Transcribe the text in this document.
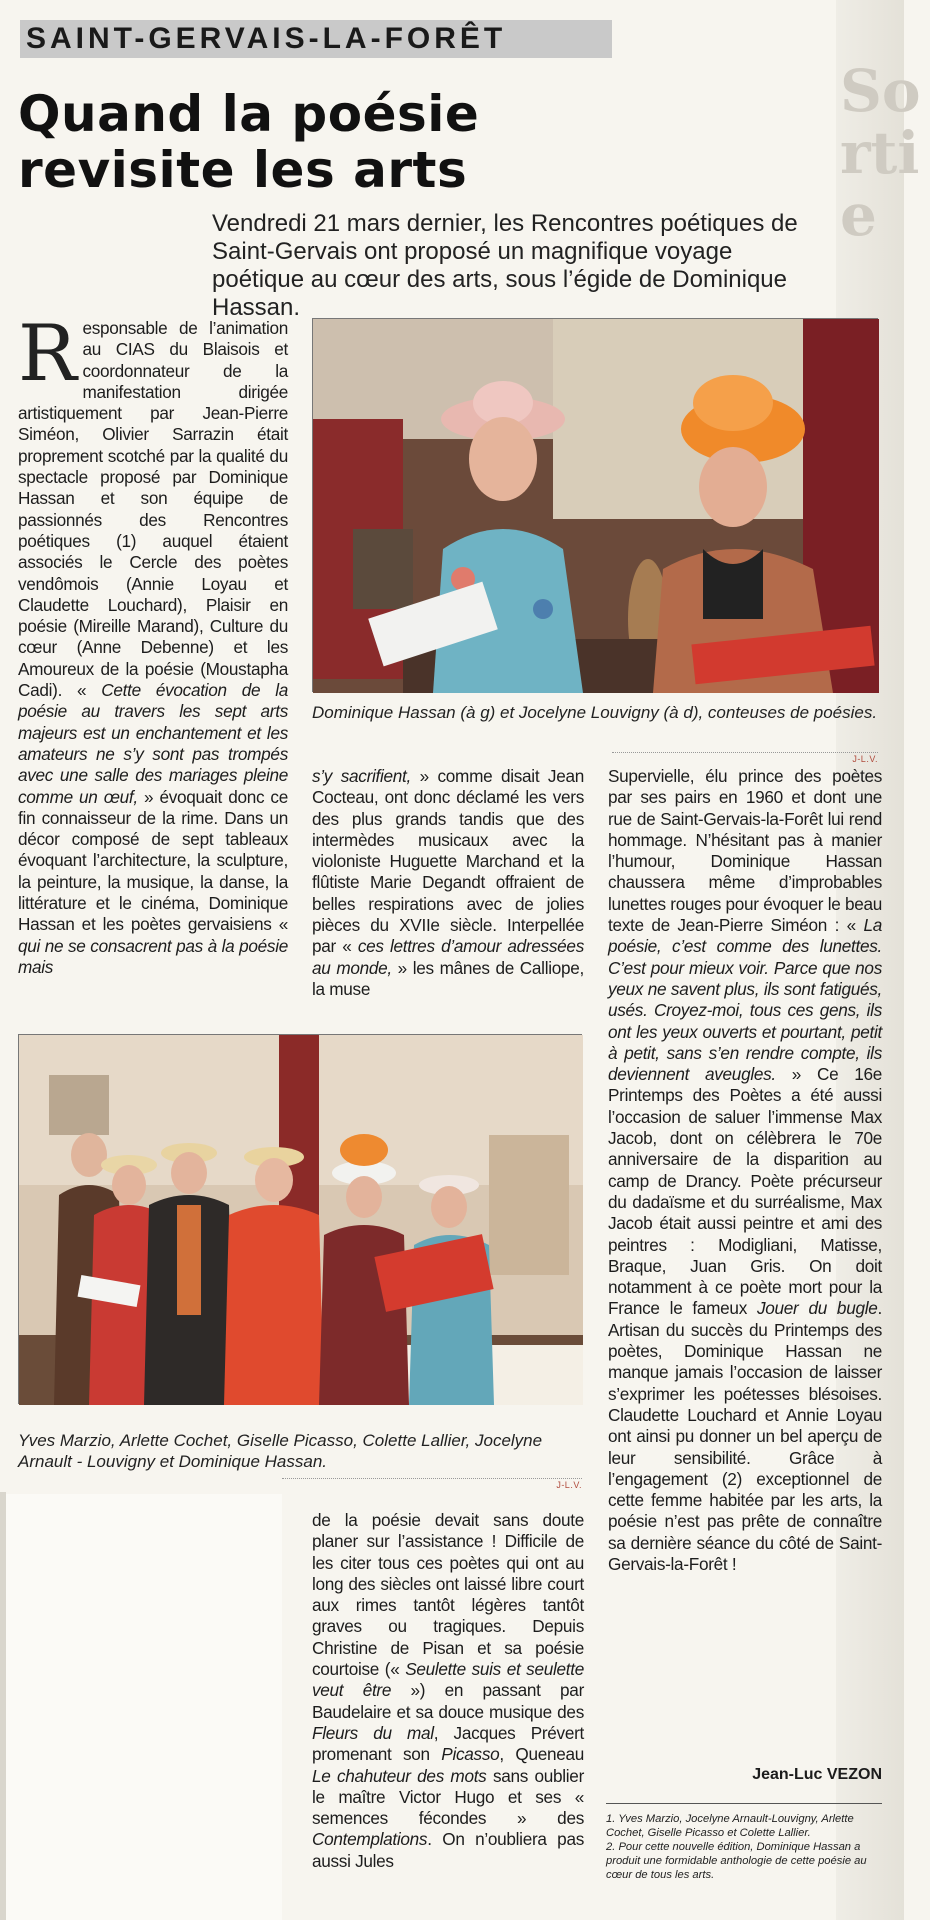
Sortie
SAINT-GERVAIS-LA-FORÊT
Quand la poésie
revisite les arts

Vendredi 21 mars dernier, les Rencontres poétiques de Saint-Gervais ont proposé un magnifique voyage poétique au cœur des arts, sous l’égide de Dominique Hassan.

Responsable de l’animation au CIAS du Blaisois et coordonnateur de la manifestation dirigée artistiquement par Jean-Pierre Siméon, Olivier Sarrazin était proprement scotché par la qualité du spectacle proposé par Dominique Hassan et son équipe de passionnés des Rencontres poétiques (1) auquel étaient associés le Cercle des poètes vendômois (Annie Loyau et Claudette Louchard), Plaisir en poésie (Mireille Marand), Culture du cœur (Anne Debenne) et les Amoureux de la poésie (Moustapha Cadi). « Cette évocation de la poésie au travers les sept arts majeurs est un enchantement et les amateurs ne s’y sont pas trompés avec une salle des mariages pleine comme un œuf, » évoquait donc ce fin connaisseur de la rime. Dans un décor composé de sept tableaux évoquant l’architecture, la sculpture, la peinture, la musique, la danse, la littérature et le cinéma, Dominique Hassan et les poètes gervaisiens « qui ne se consacrent pas à la poésie mais
Dominique Hassan (à g) et Jocelyne Louvigny (à d), conteuses de poésies.
J-L.V.
s’y sacrifient, » comme disait Jean Cocteau, ont donc déclamé les vers des plus grands tandis que des intermèdes musicaux avec la violoniste Huguette Marchand et la flûtiste Marie Degandt offraient de belles respirations avec de jolies pièces du XVIIe siècle. Interpellée par « ces lettres d’amour adressées au monde, » les mânes de Calliope, la muse
Supervielle, élu prince des poètes par ses pairs en 1960 et dont une rue de Saint-Gervais-la-Forêt lui rend hommage. N’hésitant pas à manier l’humour, Dominique Hassan chaussera même d’improbables lunettes rouges pour évoquer le beau texte de Jean-Pierre Siméon : « La poésie, c’est comme des lunettes. C’est pour mieux voir. Parce que nos yeux ne savent plus, ils sont fatigués, usés. Croyez-moi, tous ces gens, ils ont les yeux ouverts et pourtant, petit à petit, sans s’en rendre compte, ils deviennent aveugles. » Ce 16e Printemps des Poètes a été aussi l’occasion de saluer l’immense Max Jacob, dont on célèbrera le 70e anniversaire de la disparition au camp de Drancy. Poète précurseur du dadaïsme et du surréalisme, Max Jacob était aussi peintre et ami des peintres : Modigliani, Matisse, Braque, Juan Gris. On doit notamment à ce poète mort pour la France le fameux Jouer du bugle. Artisan du succès du Printemps des poètes, Dominique Hassan ne manque jamais l’occasion de laisser s’exprimer les poétesses blésoises. Claudette Louchard et Annie Loyau ont ainsi pu donner un bel aperçu de leur sensibilité. Grâce à l’engagement (2) exceptionnel de cette femme habitée par les arts, la poésie n’est pas prête de connaître sa dernière séance du côté de Saint-Gervais-la-Forêt !
Yves Marzio, Arlette Cochet, Giselle Picasso, Colette Lallier, Jocelyne Arnault - Louvigny et Dominique Hassan.
J-L.V.
de la poésie devait sans doute planer sur l’assistance ! Difficile de les citer tous ces poètes qui ont au long des siècles ont laissé libre court aux rimes tantôt légères tantôt graves ou tragiques. Depuis Christine de Pisan et sa poésie courtoise (« Seulette suis et seulette veut être ») en passant par Baudelaire et sa douce musique des Fleurs du mal, Jacques Prévert promenant son Picasso, Queneau Le chahuteur des mots sans oublier le maître Victor Hugo et ses « semences fécondes » des Contemplations. On n’oubliera pas aussi Jules
Jean-Luc VEZON

1. Yves Marzio, Jocelyne Arnault-Louvigny, Arlette Cochet, Giselle Picasso et Colette Lallier.

2. Pour cette nouvelle édition, Dominique Hassan a produit une formidable anthologie de cette poésie au cœur de tous les arts.
